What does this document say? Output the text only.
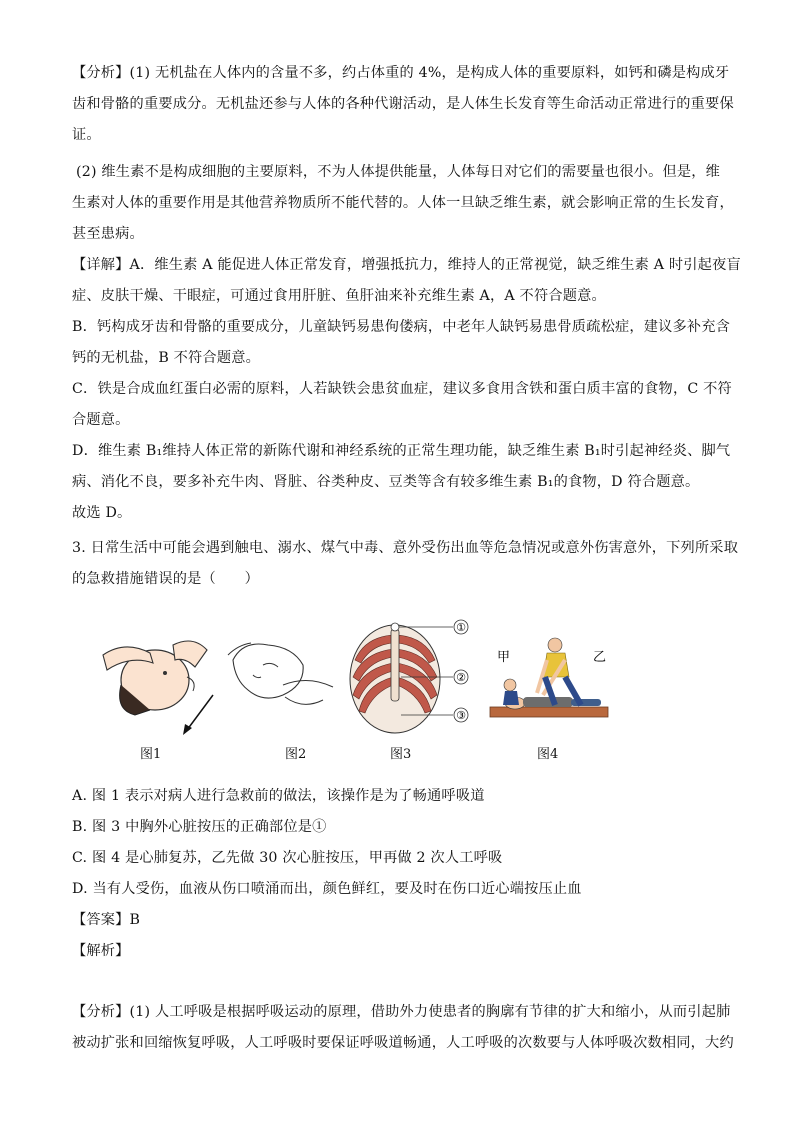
【分析】(1) 无机盐在人体内的含量不多，约占体重的 4%，是构成人体的重要原料，如钙和磷是构成牙
齿和骨骼的重要成分。无机盐还参与人体的各种代谢活动，是人体生长发育等生命活动正常进行的重要保
证。
(2) 维生素不是构成细胞的主要原料，不为人体提供能量，人体每日对它们的需要量也很小。但是，维
生素对人体的重要作用是其他营养物质所不能代替的。人体一旦缺乏维生素，就会影响正常的生长发育，
甚至患病。
【详解】A．维生素 A 能促进人体正常发育，增强抵抗力，维持人的正常视觉，缺乏维生素 A 时引起夜盲
症、皮肤干燥、干眼症，可通过食用肝脏、鱼肝油来补充维生素 A，A 不符合题意。
B．钙构成牙齿和骨骼的重要成分，儿童缺钙易患佝偻病，中老年人缺钙易患骨质疏松症，建议多补充含
钙的无机盐，B 不符合题意。
C．铁是合成血红蛋白必需的原料，人若缺铁会患贫血症，建议多食用含铁和蛋白质丰富的食物，C 不符
合题意。
D．维生素 B₁维持人体正常的新陈代谢和神经系统的正常生理功能，缺乏维生素 B₁时引起神经炎、脚气
病、消化不良，要多补充牛肉、肾脏、谷类种皮、豆类等含有较多维生素 B₁的食物，D 符合题意。
故选 D。
3. 日常生活中可能会遇到触电、溺水、煤气中毒、意外受伤出血等危急情况或意外伤害意外，下列所采取
的急救措施错误的是（　　）
图1	图2
①
②
③
图3
甲	乙
图4
A. 图 1 表示对病人进行急救前的做法，该操作是为了畅通呼吸道
B. 图 3 中胸外心脏按压的正确部位是①
C. 图 4 是心肺复苏，乙先做 30 次心脏按压，甲再做 2 次人工呼吸
D. 当有人受伤，血液从伤口喷涌而出，颜色鲜红，要及时在伤口近心端按压止血
【答案】B
【解析】
【分析】(1) 人工呼吸是根据呼吸运动的原理，借助外力使患者的胸廓有节律的扩大和缩小，从而引起肺
被动扩张和回缩恢复呼吸，人工呼吸时要保证呼吸道畅通，人工呼吸的次数要与人体呼吸次数相同，大约
